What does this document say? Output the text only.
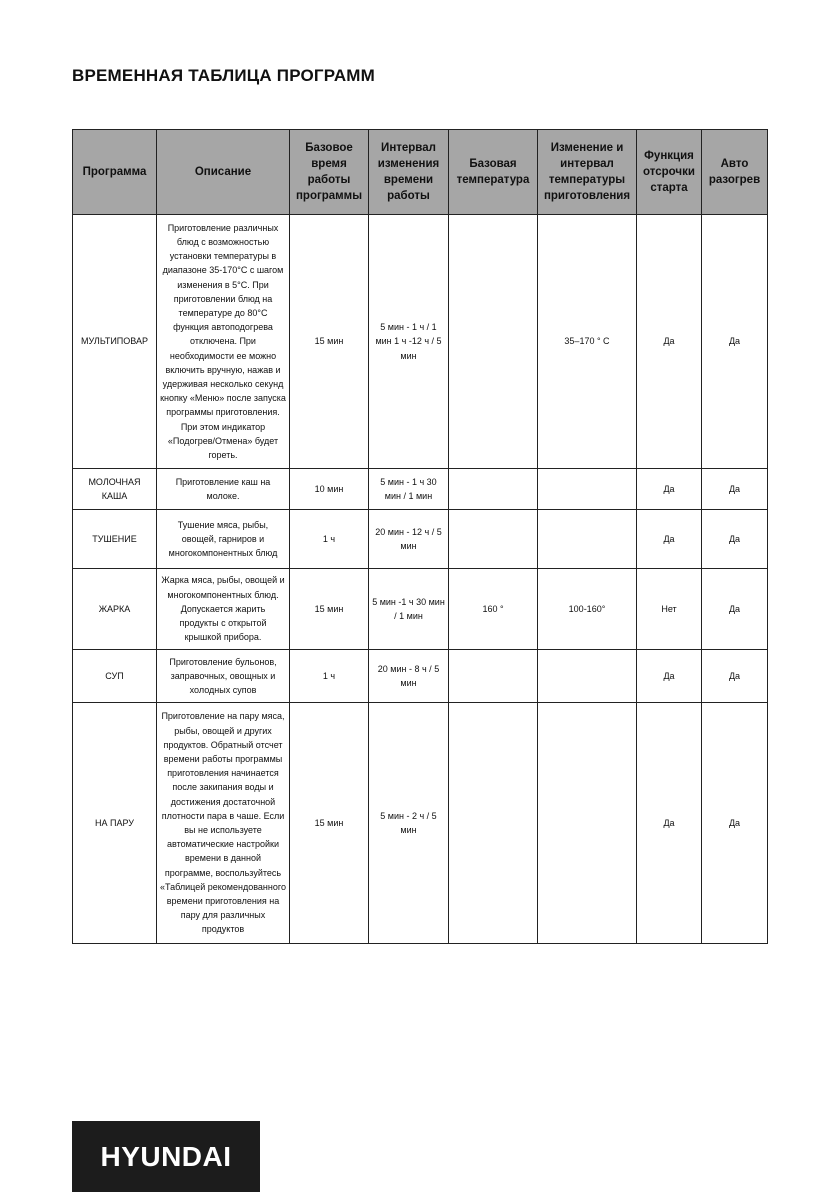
ВРЕМЕННАЯ ТАБЛИЦА ПРОГРАММ
Программа	Описание	Базовое время работы программы	Интервал изменения времени работы	Базовая температура	Изменение и интервал температуры приготовления	Функция отсрочки старта	Авто разогрев
МУЛЬТИПОВАР	Приготовление различных блюд с возможностью установки температуры в диапазоне 35-170°С с шагом изменения в 5°С. При приготовлении блюд на температуре до 80°С функция автоподогрева отключена. При необходимости ее можно включить вручную, нажав и удерживая несколько секунд кнопку «Меню» после запуска программы приготовления. При этом индикатор «Подогрев/Отмена» будет гореть.	15 мин	5 мин - 1 ч / 1 мин 1 ч -12 ч / 5 мин		35–170 ° С	Да	Да
МОЛОЧНАЯ КАША	Приготовление каш на молоке.	10 мин	5 мин - 1 ч 30 мин / 1 мин			Да	Да
ТУШЕНИЕ	Тушение мяса, рыбы, овощей, гарниров и многокомпонентных блюд	1 ч	20 мин - 12 ч / 5 мин			Да	Да
ЖАРКА	Жарка мяса, рыбы, овощей и многокомпонентных блюд. Допускается жарить продукты с открытой крышкой прибора.	15 мин	5 мин -1 ч 30 мин / 1 мин	160 °	100-160°	Нет	Да
СУП	Приготовление бульонов, заправочных, овощных и холодных супов	1 ч	20 мин - 8 ч / 5 мин			Да	Да
НА ПАРУ	Приготовление на пару мяса, рыбы, овощей и других продуктов. Обратный отсчет времени работы программы приготовления начинается после закипания воды и достижения достаточной плотности пара в чаше. Если вы не используете автоматические настройки времени в данной программе, воспользуйтесь «Таблицей рекомендованного времени приготовления на пару для различных продуктов	15 мин	5 мин - 2 ч / 5 мин			Да	Да
HYUNDAI
